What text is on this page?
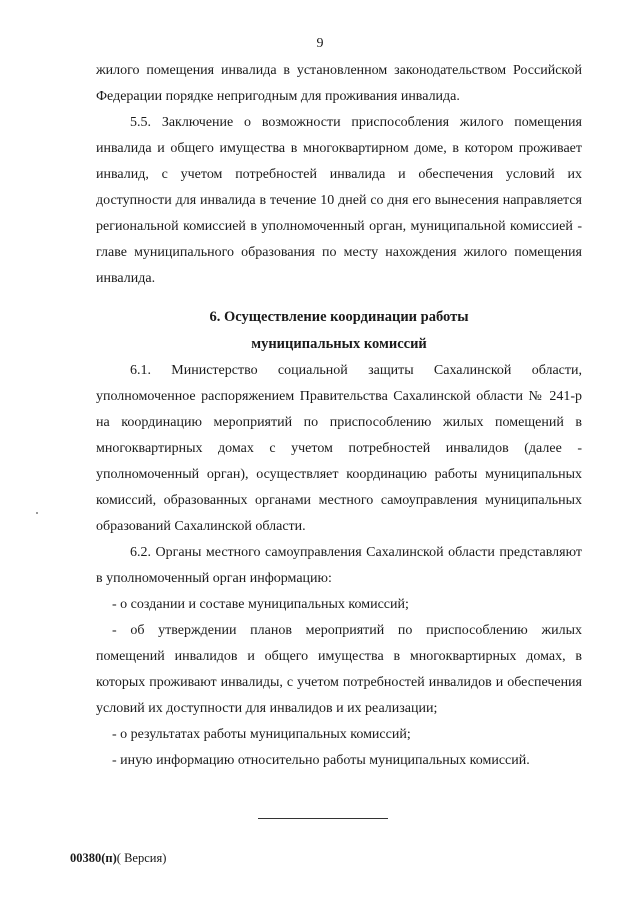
9

жилого помещения инвалида в установленном законодательством Российской Федерации порядке непригодным для проживания инвалида.

5.5. Заключение о возможности приспособления жилого помещения инвалида и общего имущества в многоквартирном доме, в котором проживает инвалид, с учетом потребностей инвалида и обеспечения условий их доступности для инвалида в течение 10 дней со дня его вынесения направляется региональной комиссией в уполномоченный орган, муниципальной комиссией - главе муниципального образования по месту нахождения жилого помещения инвалида.

6. Осуществление координации работы

муниципальных комиссий

6.1. Министерство социальной защиты Сахалинской области, уполномоченное распоряжением Правительства Сахалинской области № 241-р на координацию мероприятий по приспособлению жилых помещений в многоквартирных домах с учетом потребностей инвалидов (далее - уполномоченный орган), осуществляет координацию работы муниципальных комиссий, образованных органами местного самоуправления муниципальных образований Сахалинской области.

6.2. Органы местного самоуправления Сахалинской области представляют в уполномоченный орган информацию:

- о создании и составе муниципальных комиссий;

- об утверждении планов мероприятий по приспособлению жилых помещений инвалидов и общего имущества в многоквартирных домах, в которых проживают инвалиды, с учетом потребностей инвалидов и обеспечения условий их доступности для инвалидов и их реализации;

- о результатах работы муниципальных комиссий;

- иную информацию относительно работы муниципальных комиссий.

00380(п)( Версия)
